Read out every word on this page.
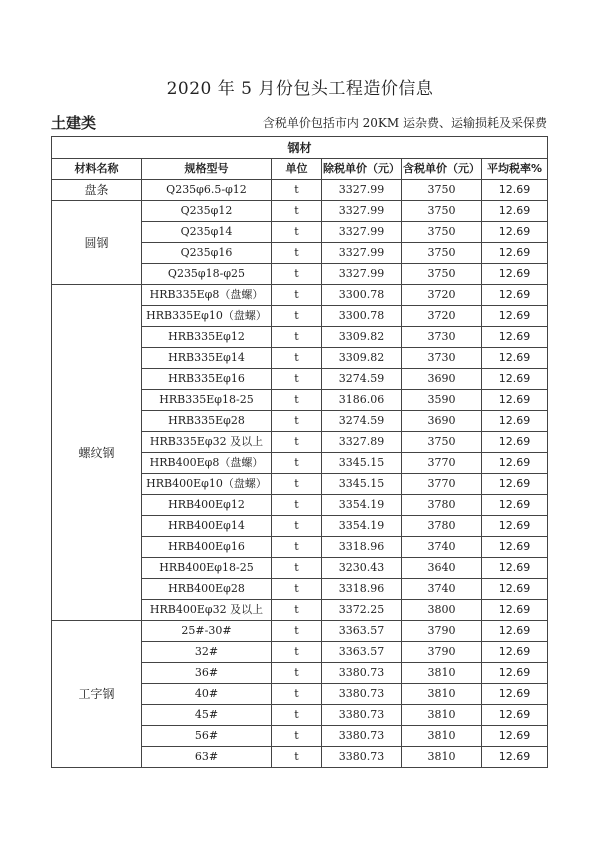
2020 年 5 月份包头工程造价信息
土建类	含税单价包括市内 20KM 运杂费、运输损耗及采保费
钢材					
材料名称	规格型号	单位	除税单价（元）	含税单价（元）	平均税率%
盘条	Q235φ6.5-φ12	t	3327.99	3750	12.69
圆钢	Q235φ12	t	3327.99	3750	12.69
	Q235φ14	t	3327.99	3750	12.69
	Q235φ16	t	3327.99	3750	12.69
	Q235φ18-φ25	t	3327.99	3750	12.69
螺纹钢	HRB335Eφ8（盘螺）	t	3300.78	3720	12.69
	HRB335Eφ10（盘螺）	t	3300.78	3720	12.69
	HRB335Eφ12	t	3309.82	3730	12.69
	HRB335Eφ14	t	3309.82	3730	12.69
	HRB335Eφ16	t	3274.59	3690	12.69
	HRB335Eφ18-25	t	3186.06	3590	12.69
	HRB335Eφ28	t	3274.59	3690	12.69
	HRB335Eφ32 及以上	t	3327.89	3750	12.69
	HRB400Eφ8（盘螺）	t	3345.15	3770	12.69
	HRB400Eφ10（盘螺）	t	3345.15	3770	12.69
	HRB400Eφ12	t	3354.19	3780	12.69
	HRB400Eφ14	t	3354.19	3780	12.69
	HRB400Eφ16	t	3318.96	3740	12.69
	HRB400Eφ18-25	t	3230.43	3640	12.69
	HRB400Eφ28	t	3318.96	3740	12.69
	HRB400Eφ32 及以上	t	3372.25	3800	12.69
工字钢	25#-30#	t	3363.57	3790	12.69
	32#	t	3363.57	3790	12.69
	36#	t	3380.73	3810	12.69
	40#	t	3380.73	3810	12.69
	45#	t	3380.73	3810	12.69
	56#	t	3380.73	3810	12.69
	63#	t	3380.73	3810	12.69
